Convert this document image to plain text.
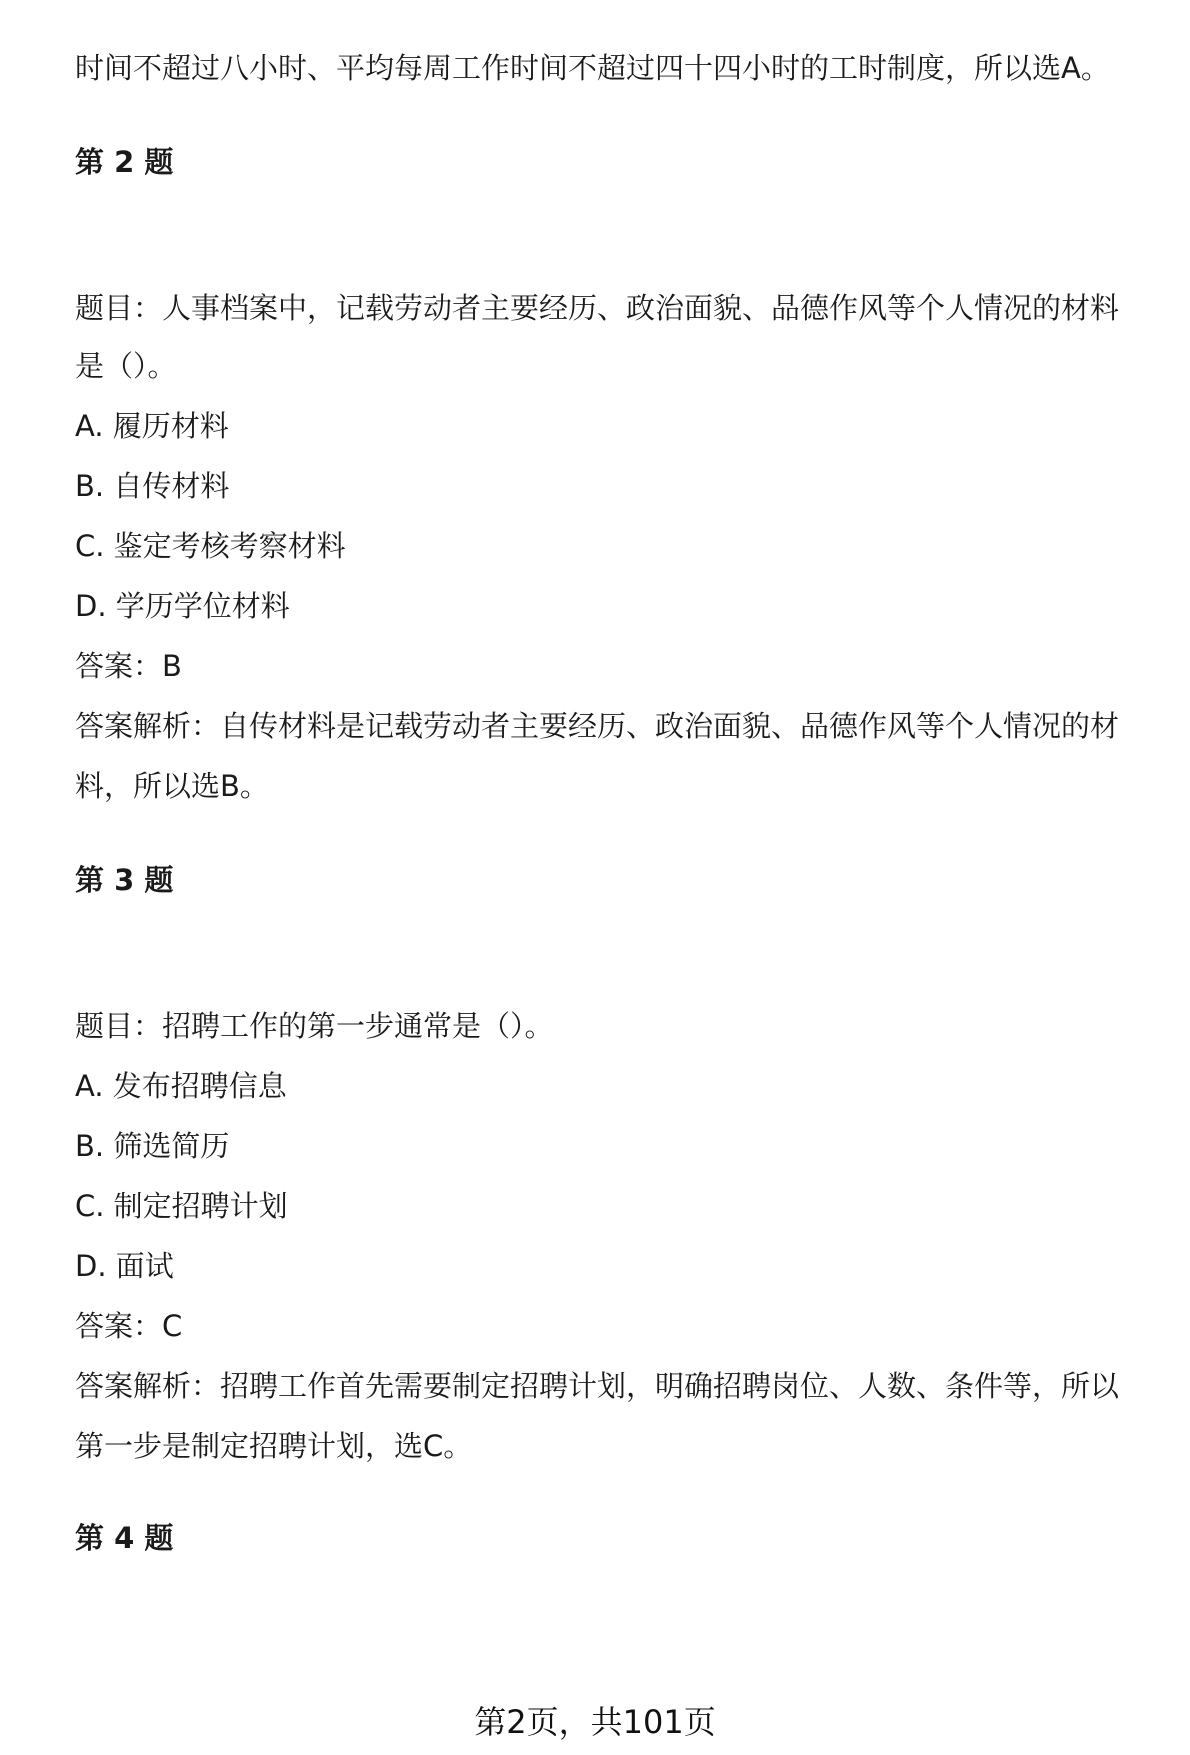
时间不超过八小时、平均每周工作时间不超过四十四小时的工时制度，所以选A。
第 2 题
题目：人事档案中，记载劳动者主要经历、政治面貌、品德作风等个人情况的材料
是（）。
A. 履历材料
B. 自传材料
C. 鉴定考核考察材料
D. 学历学位材料
答案：B
答案解析：自传材料是记载劳动者主要经历、政治面貌、品德作风等个人情况的材
料，所以选B。
第 3 题
题目：招聘工作的第一步通常是（）。
A. 发布招聘信息
B. 筛选简历
C. 制定招聘计划
D. 面试
答案：C
答案解析：招聘工作首先需要制定招聘计划，明确招聘岗位、人数、条件等，所以
第一步是制定招聘计划，选C。
第 4 题
第2页，共101页
